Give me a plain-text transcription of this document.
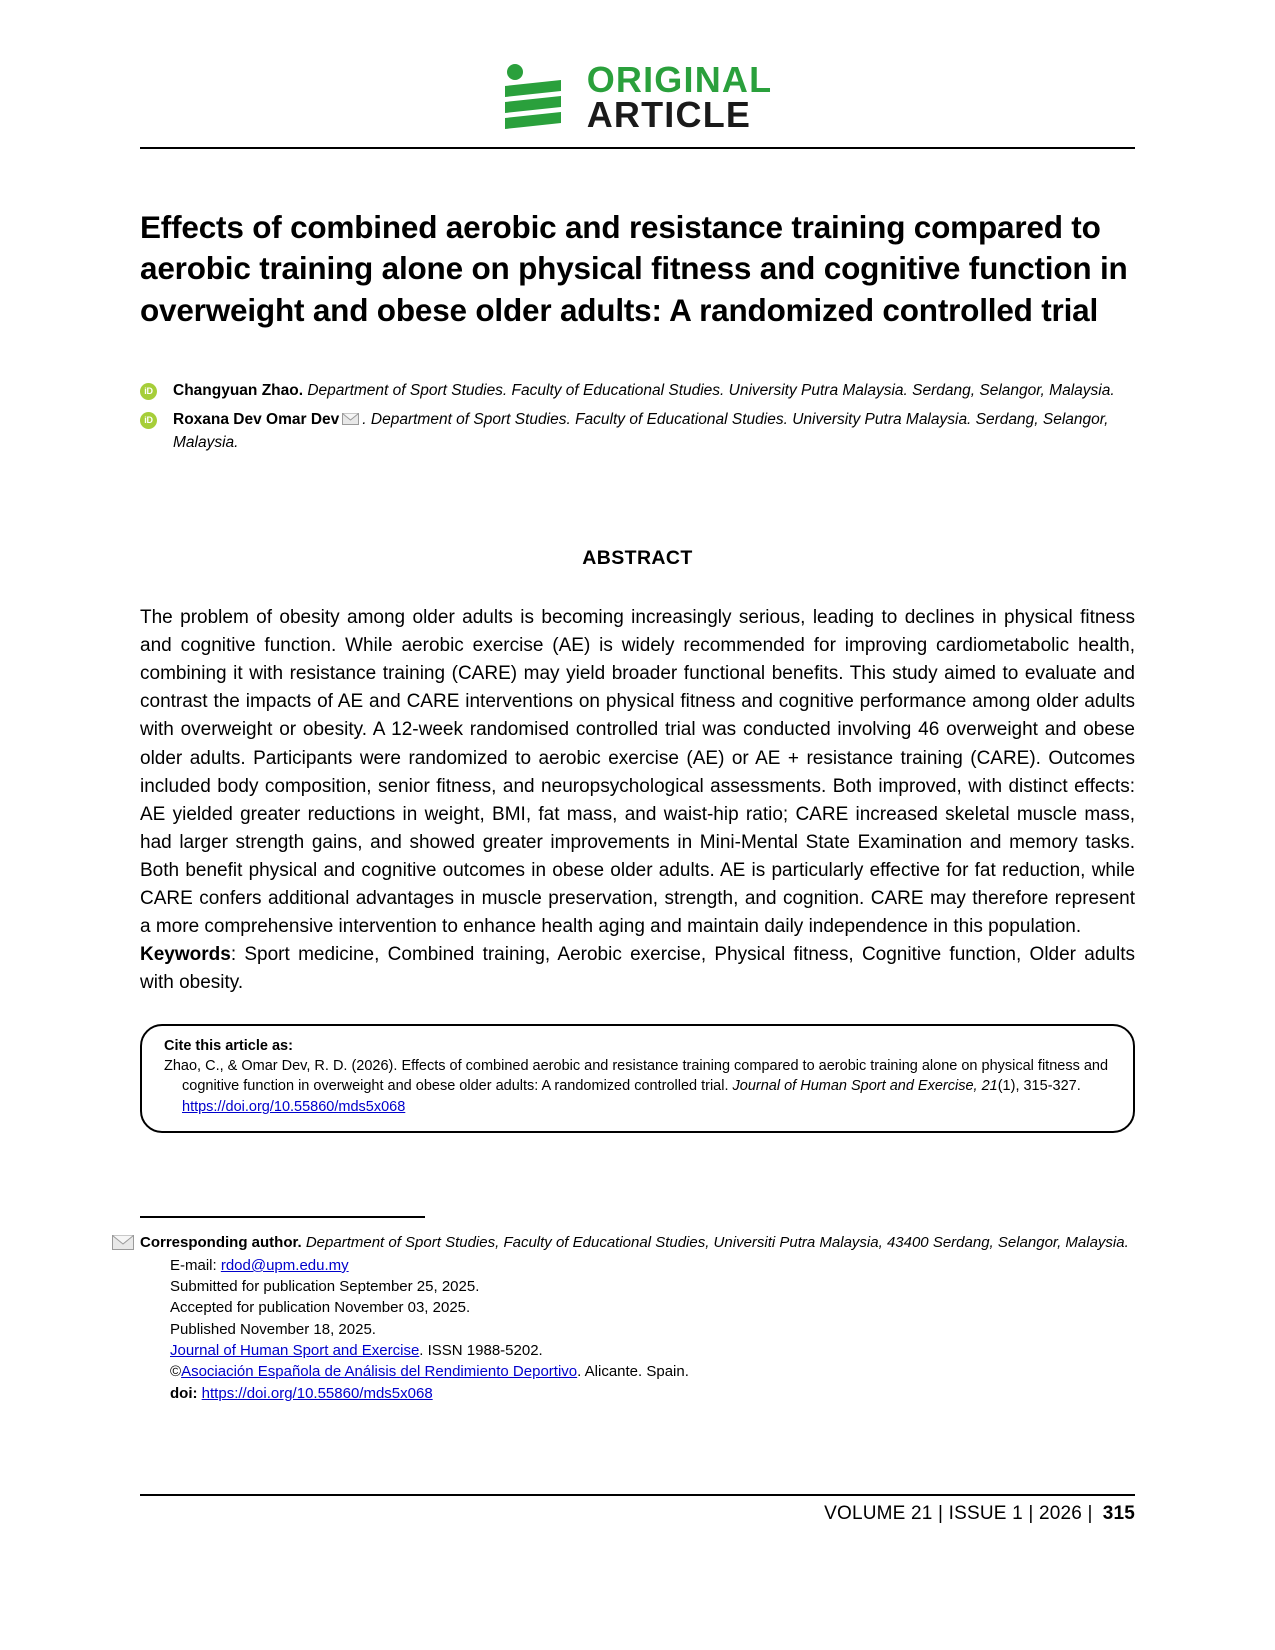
ORIGINAL
ARTICLE
Effects of combined aerobic and resistance training compared to aerobic training alone on physical fitness and cognitive function in overweight and obese older adults: A randomized controlled trial
iD Changyuan Zhao. Department of Sport Studies. Faculty of Educational Studies. University Putra Malaysia. Serdang, Selangor, Malaysia.
iD Roxana Dev Omar Dev . Department of Sport Studies. Faculty of Educational Studies. University Putra Malaysia. Serdang, Selangor, Malaysia.
ABSTRACT

The problem of obesity among older adults is becoming increasingly serious, leading to declines in physical fitness and cognitive function. While aerobic exercise (AE) is widely recommended for improving cardiometabolic health, combining it with resistance training (CARE) may yield broader functional benefits. This study aimed to evaluate and contrast the impacts of AE and CARE interventions on physical fitness and cognitive performance among older adults with overweight or obesity. A 12-week randomised controlled trial was conducted involving 46 overweight and obese older adults. Participants were randomized to aerobic exercise (AE) or AE + resistance training (CARE). Outcomes included body composition, senior fitness, and neuropsychological assessments. Both improved, with distinct effects: AE yielded greater reductions in weight, BMI, fat mass, and waist-hip ratio; CARE increased skeletal muscle mass, had larger strength gains, and showed greater improvements in Mini-Mental State Examination and memory tasks. Both benefit physical and cognitive outcomes in obese older adults. AE is particularly effective for fat reduction, while CARE confers additional advantages in muscle preservation, strength, and cognition. CARE may therefore represent a more comprehensive intervention to enhance health aging and maintain daily independence in this population.

Keywords: Sport medicine, Combined training, Aerobic exercise, Physical fitness, Cognitive function, Older adults with obesity.

Cite this article as:
Zhao, C., & Omar Dev, R. D. (2026). Effects of combined aerobic and resistance training compared to aerobic training alone on physical fitness and cognitive function in overweight and obese older adults: A randomized controlled trial. Journal of Human Sport and Exercise, 21(1), 315-327. https://doi.org/10.55860/mds5x068
Corresponding author. Department of Sport Studies, Faculty of Educational Studies, Universiti Putra Malaysia, 43400 Serdang, Selangor, Malaysia.
E-mail: rdod@upm.edu.my
Submitted for publication September 25, 2025.
Accepted for publication November 03, 2025.
Published November 18, 2025.
Journal of Human Sport and Exercise. ISSN 1988-5202.
©Asociación Española de Análisis del Rendimiento Deportivo. Alicante. Spain.
doi: https://doi.org/10.55860/mds5x068
VOLUME 21 | ISSUE 1 | 2026 | 315
